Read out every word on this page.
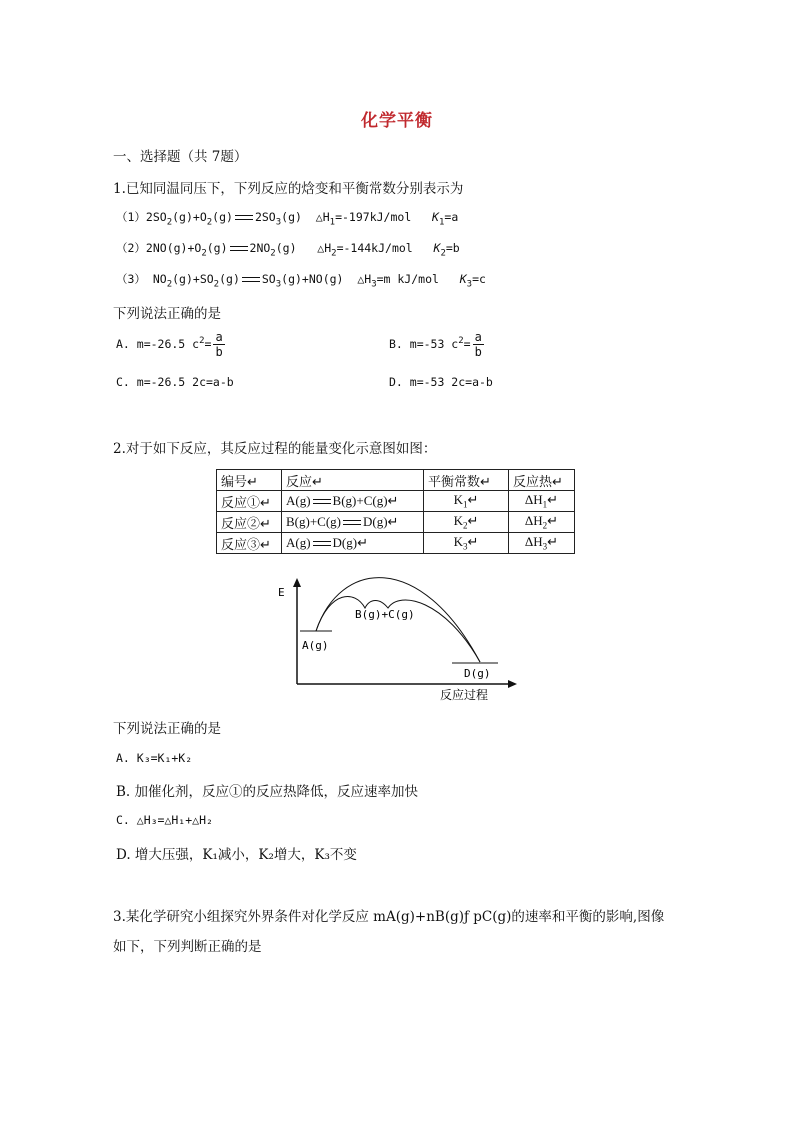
化学平衡
一、选择题（共 7题）
1.已知同温同压下，下列反应的焓变和平衡常数分别表示为
$(1)2SO_2(g)+O_2(g)$ $2SO_3(g)$ $\triangle H_1=-197kJ$/mol $K_1=a$
$(2)2NO(g)+O_2(g)$ $2NO_2(g)$ $\triangle H_2=-144kJ$/mol $K_2=b$
（3） $NO_2(g)+SO_2(g)$ $SO_3(g)+NO(g)$ $\triangle H_3=m$ kJ/mol $K_3=c$
下列说法正确的是
A. m=-26.5 $c^2= \frac{a}{b}$	B. m=-53 $c^2= \frac{a}{b}$
C. m=-26.5 2c=a-b	D. m=-53 2c=a-b
2.对于如下反应，其反应过程的能量变化示意图如图：
编号↵	反应↵	平衡常数↵	反应热↵
反应①↵	A(g) B(g)+C(g)↵	$K_1↵$	$\Delta H_1↵$
反应②↵	B(g)+C(g) D(g)↵	$K_2↵$	$\Delta H_2↵$
反应③↵	A(g) D(g)↵	$K_3↵$	$\Delta H_3↵$
E
A(g)
B(g)+C(g)
D(g)
反应过程
下列说法正确的是
A. K₃=K₁+K₂
B. 加催化剂，反应①的反应热降低，反应速率加快
C. △H₃=△H₁+△H₂
D. 增大压强，K₁减小，K₂增大，K₃不变
3.某化学研究小组探究外界条件对化学反应 mA(g)+nB(g)ƒ pC(g)的速率和平衡的影响,图像
如下，下列判断正确的是
